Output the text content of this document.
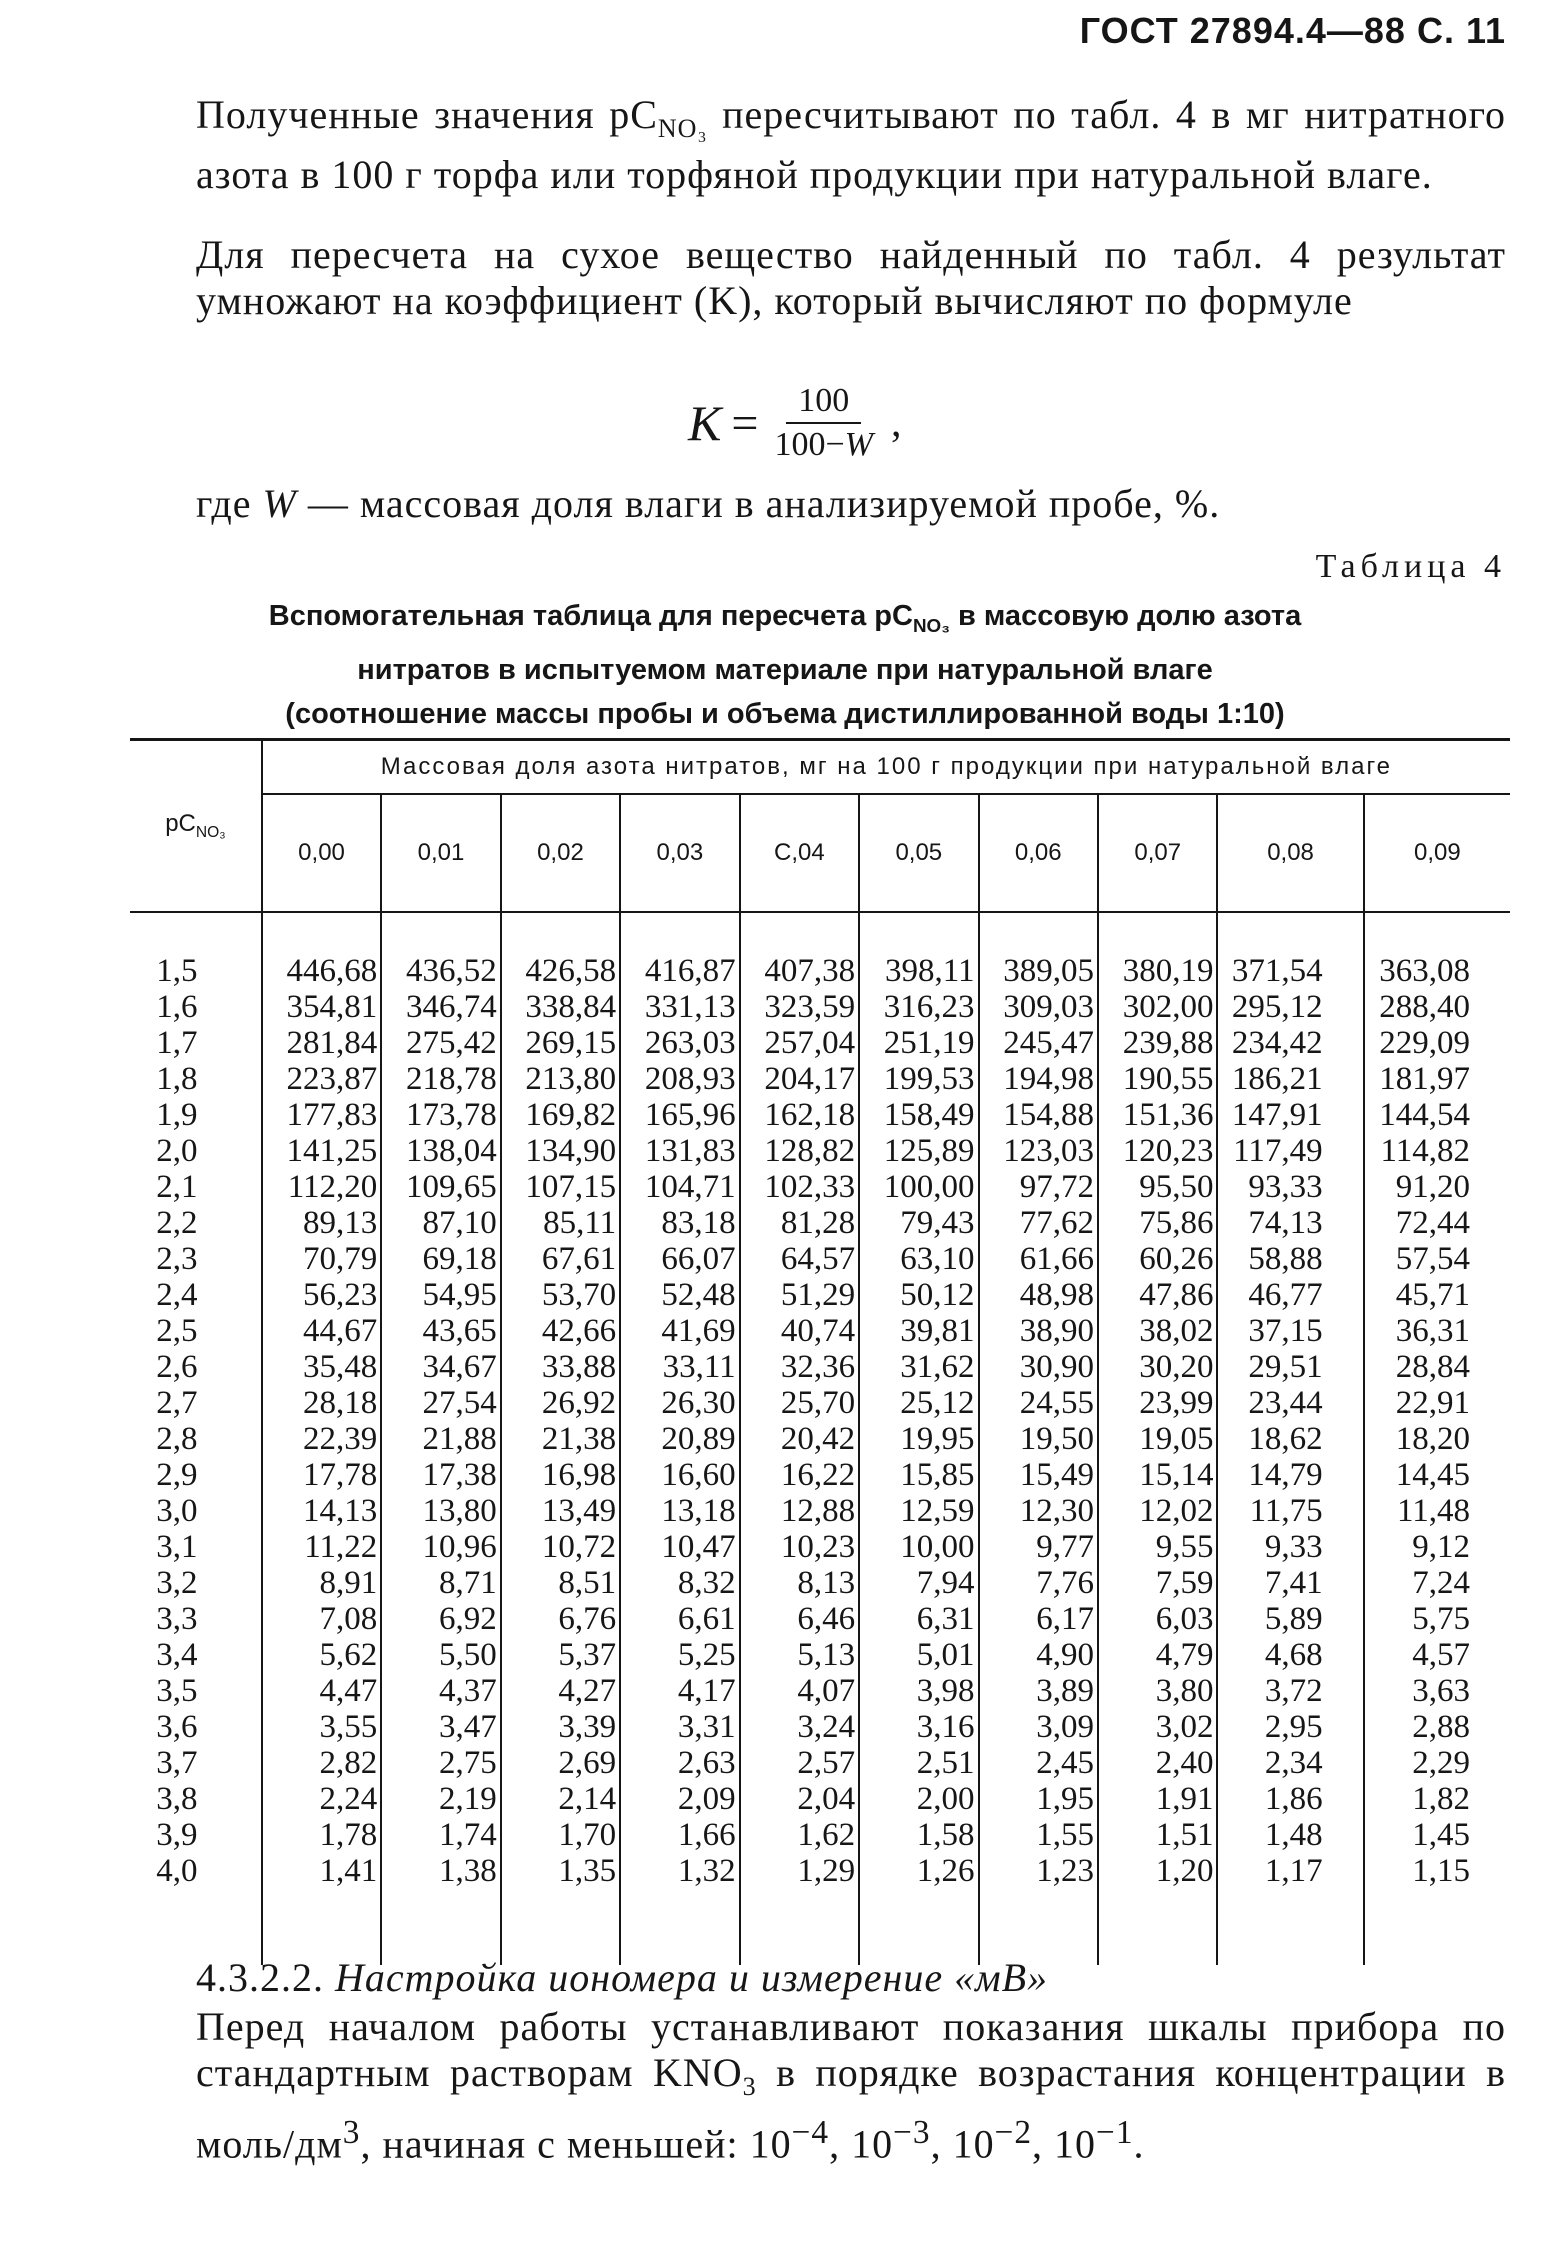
ГОСТ 27894.4—88 С. 11
Полученные значения $pC_{NO_3}$ пересчитывают по табл. 4 в мг нитратного азота в 100 г торфа или торфяной продукции при натуральной влаге.
Для пересчета на сухое вещество найденный по табл. 4 результат умножают на коэффициент (K), который вычисляют по формуле
$K = \frac{100}{100-W}$ ,
где W — массовая доля влаги в анализируемой пробе, %.
Таблица 4
Вспомогательная таблица для пересчета $pC_{NO_3}$ в массовую долю азота
нитратов в испытуемом материале при натуральной влаге
(соотношение массы пробы и объема дистиллированной воды 1:10)
$pC_{NO_3}$	Массовая доля азота нитратов, мг на 100 г продукции при натуральной влаге									
	0,00	0,01	0,02	0,03	С,04	0,05	0,06	0,07	0,08	0,09

1,5	446,68	436,52	426,58	416,87	407,38	398,11	389,05	380,19	371,54	363,08
1,6	354,81	346,74	338,84	331,13	323,59	316,23	309,03	302,00	295,12	288,40
1,7	281,84	275,42	269,15	263,03	257,04	251,19	245,47	239,88	234,42	229,09
1,8	223,87	218,78	213,80	208,93	204,17	199,53	194,98	190,55	186,21	181,97
1,9	177,83	173,78	169,82	165,96	162,18	158,49	154,88	151,36	147,91	144,54
2,0	141,25	138,04	134,90	131,83	128,82	125,89	123,03	120,23	117,49	114,82
2,1	112,20	109,65	107,15	104,71	102,33	100,00	97,72	95,50	93,33	91,20
2,2	89,13	87,10	85,11	83,18	81,28	79,43	77,62	75,86	74,13	72,44
2,3	70,79	69,18	67,61	66,07	64,57	63,10	61,66	60,26	58,88	57,54
2,4	56,23	54,95	53,70	52,48	51,29	50,12	48,98	47,86	46,77	45,71
2,5	44,67	43,65	42,66	41,69	40,74	39,81	38,90	38,02	37,15	36,31
2,6	35,48	34,67	33,88	33,11	32,36	31,62	30,90	30,20	29,51	28,84
2,7	28,18	27,54	26,92	26,30	25,70	25,12	24,55	23,99	23,44	22,91
2,8	22,39	21,88	21,38	20,89	20,42	19,95	19,50	19,05	18,62	18,20
2,9	17,78	17,38	16,98	16,60	16,22	15,85	15,49	15,14	14,79	14,45
3,0	14,13	13,80	13,49	13,18	12,88	12,59	12,30	12,02	11,75	11,48
3,1	11,22	10,96	10,72	10,47	10,23	10,00	9,77	9,55	9,33	9,12
3,2	8,91	8,71	8,51	8,32	8,13	7,94	7,76	7,59	7,41	7,24
3,3	7,08	6,92	6,76	6,61	6,46	6,31	6,17	6,03	5,89	5,75
3,4	5,62	5,50	5,37	5,25	5,13	5,01	4,90	4,79	4,68	4,57
3,5	4,47	4,37	4,27	4,17	4,07	3,98	3,89	3,80	3,72	3,63
3,6	3,55	3,47	3,39	3,31	3,24	3,16	3,09	3,02	2,95	2,88
3,7	2,82	2,75	2,69	2,63	2,57	2,51	2,45	2,40	2,34	2,29
3,8	2,24	2,19	2,14	2,09	2,04	2,00	1,95	1,91	1,86	1,82
3,9	1,78	1,74	1,70	1,66	1,62	1,58	1,55	1,51	1,48	1,45
4,0	1,41	1,38	1,35	1,32	1,29	1,26	1,23	1,20	1,17	1,15

4.3.2.2. Настройка иономера и измерение «мВ»
Перед началом работы устанавливают показания шкалы прибора по стандартным растворам $KNO_3$ в порядке возрастания концентрации в моль/$дм^3$, начиная с меньшей: $10^{-4}$, $10^{-3}$, $10^{-2}$, $10^{-1}$.
